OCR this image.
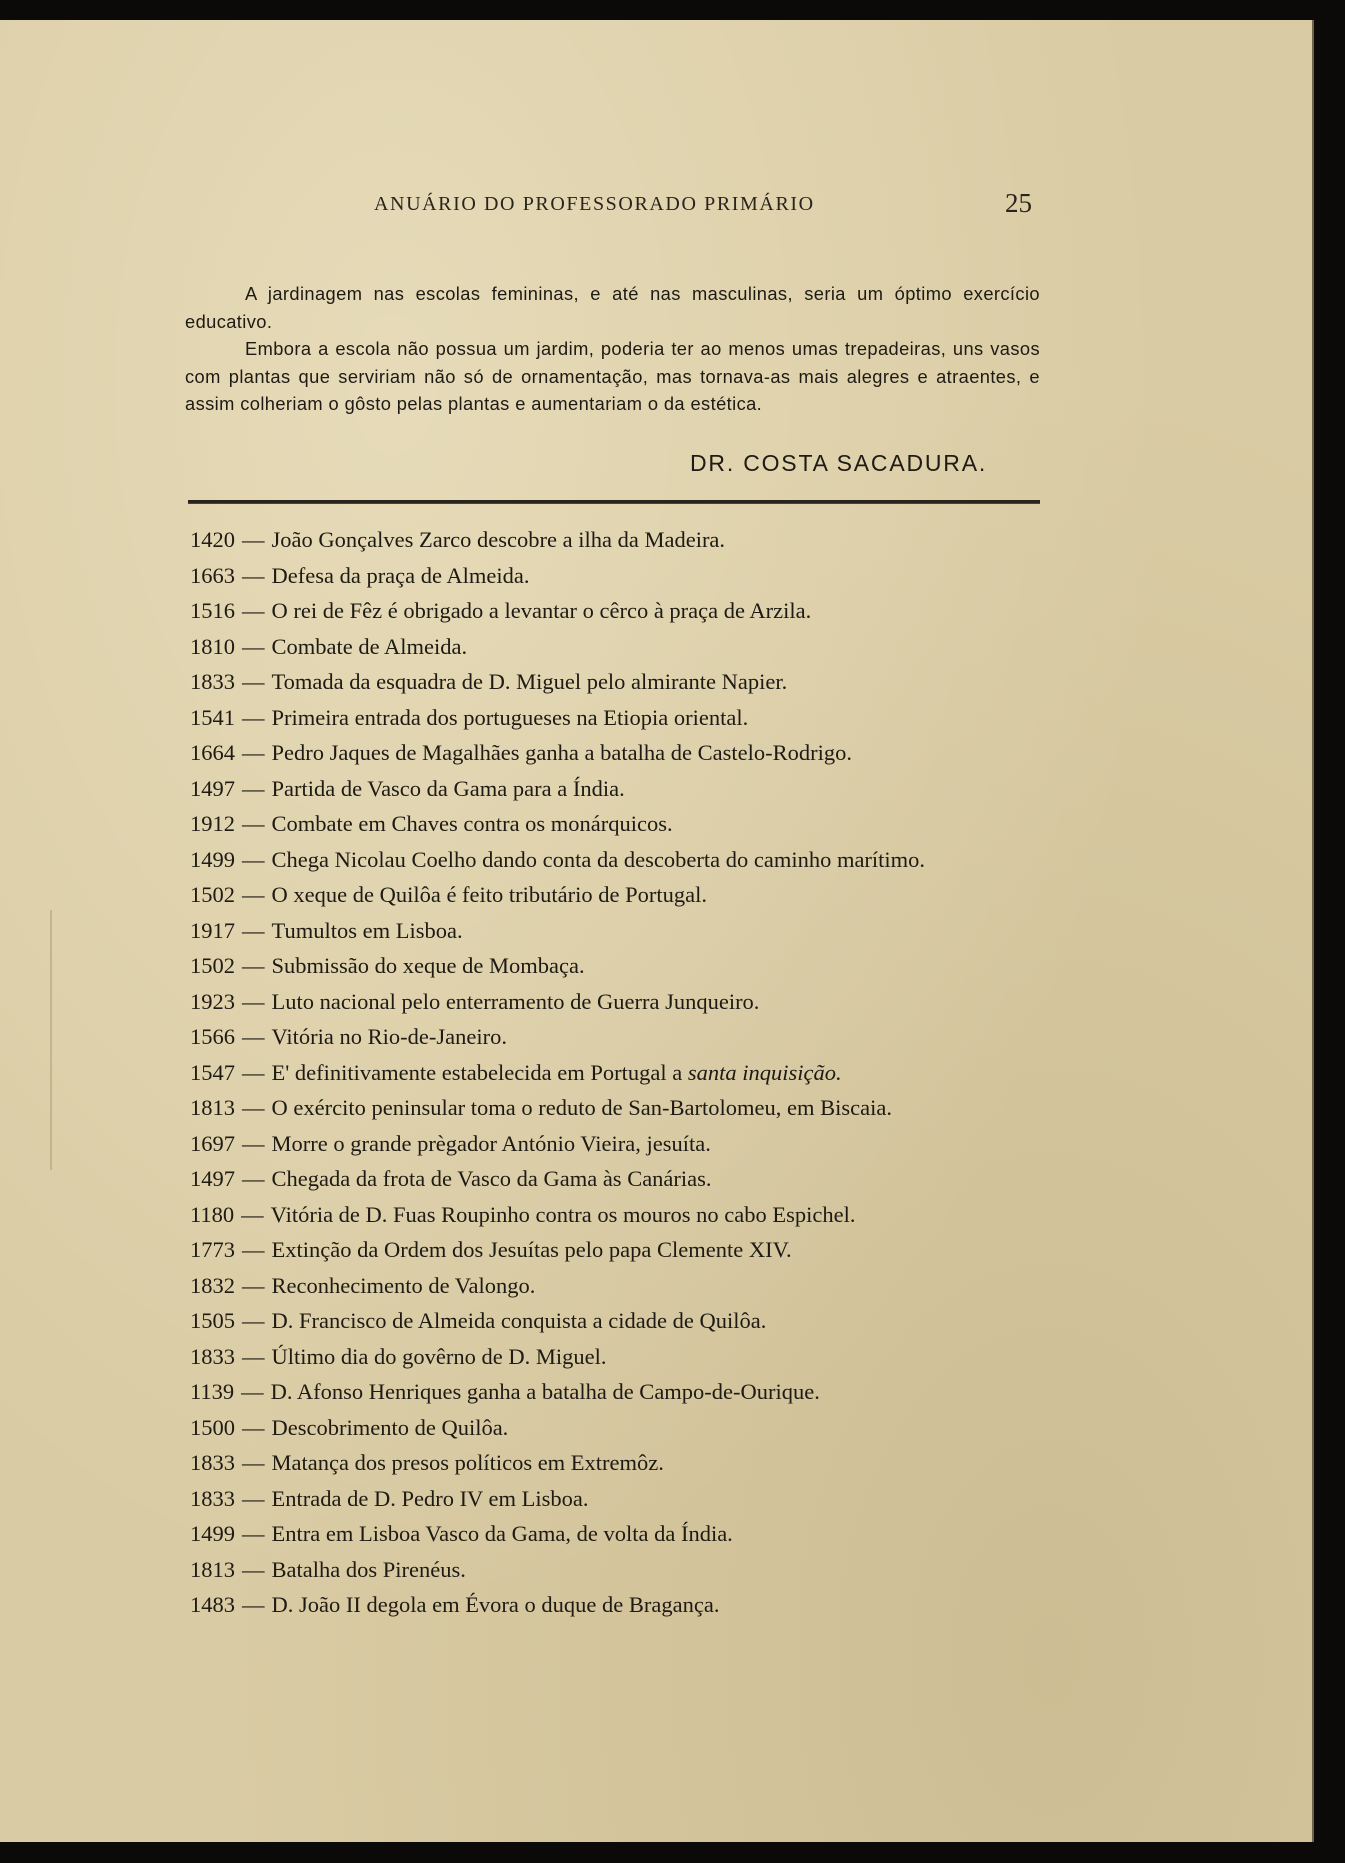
ANUÁRIO DO PROFESSORADO PRIMÁRIO	25

A jardinagem nas escolas femininas, e até nas masculinas, seria um óptimo exercício educativo.

Embora a escola não possua um jardim, poderia ter ao menos umas trepadeiras, uns vasos com plantas que serviriam não só de ornamentação, mas tornava-as mais alegres e atraentes, e assim colheriam o gôsto pelas plantas e aumentariam o da estética.

DR. COSTA SACADURA.
1420 — João Gonçalves Zarco descobre a ilha da Madeira.
1663 — Defesa da praça de Almeida.
1516 — O rei de Fêz é obrigado a levantar o cêrco à praça de Arzila.
1810 — Combate de Almeida.
1833 — Tomada da esquadra de D. Miguel pelo almirante Napier.
1541 — Primeira entrada dos portugueses na Etiopia oriental.
1664 — Pedro Jaques de Magalhães ganha a batalha de Castelo-Rodrigo.
1497 — Partida de Vasco da Gama para a Índia.
1912 — Combate em Chaves contra os monárquicos.
1499 — Chega Nicolau Coelho dando conta da descoberta do caminho marítimo.
1502 — O xeque de Quilôa é feito tributário de Portugal.
1917 — Tumultos em Lisboa.
1502 — Submissão do xeque de Mombaça.
1923 — Luto nacional pelo enterramento de Guerra Junqueiro.
1566 — Vitória no Rio-de-Janeiro.
1547 — E' definitivamente estabelecida em Portugal a santa inquisição.
1813 — O exército peninsular toma o reduto de San-Bartolomeu, em Biscaia.
1697 — Morre o grande prègador António Vieira, jesuíta.
1497 — Chegada da frota de Vasco da Gama às Canárias.
1180 — Vitória de D. Fuas Roupinho contra os mouros no cabo Espichel.
1773 — Extinção da Ordem dos Jesuítas pelo papa Clemente XIV.
1832 — Reconhecimento de Valongo.
1505 — D. Francisco de Almeida conquista a cidade de Quilôa.
1833 — Último dia do govêrno de D. Miguel.
1139 — D. Afonso Henriques ganha a batalha de Campo-de-Ourique.
1500 — Descobrimento de Quilôa.
1833 — Matança dos presos políticos em Extremôz.
1833 — Entrada de D. Pedro IV em Lisboa.
1499 — Entra em Lisboa Vasco da Gama, de volta da Índia.
1813 — Batalha dos Pirenéus.
1483 — D. João II degola em Évora o duque de Bragança.
